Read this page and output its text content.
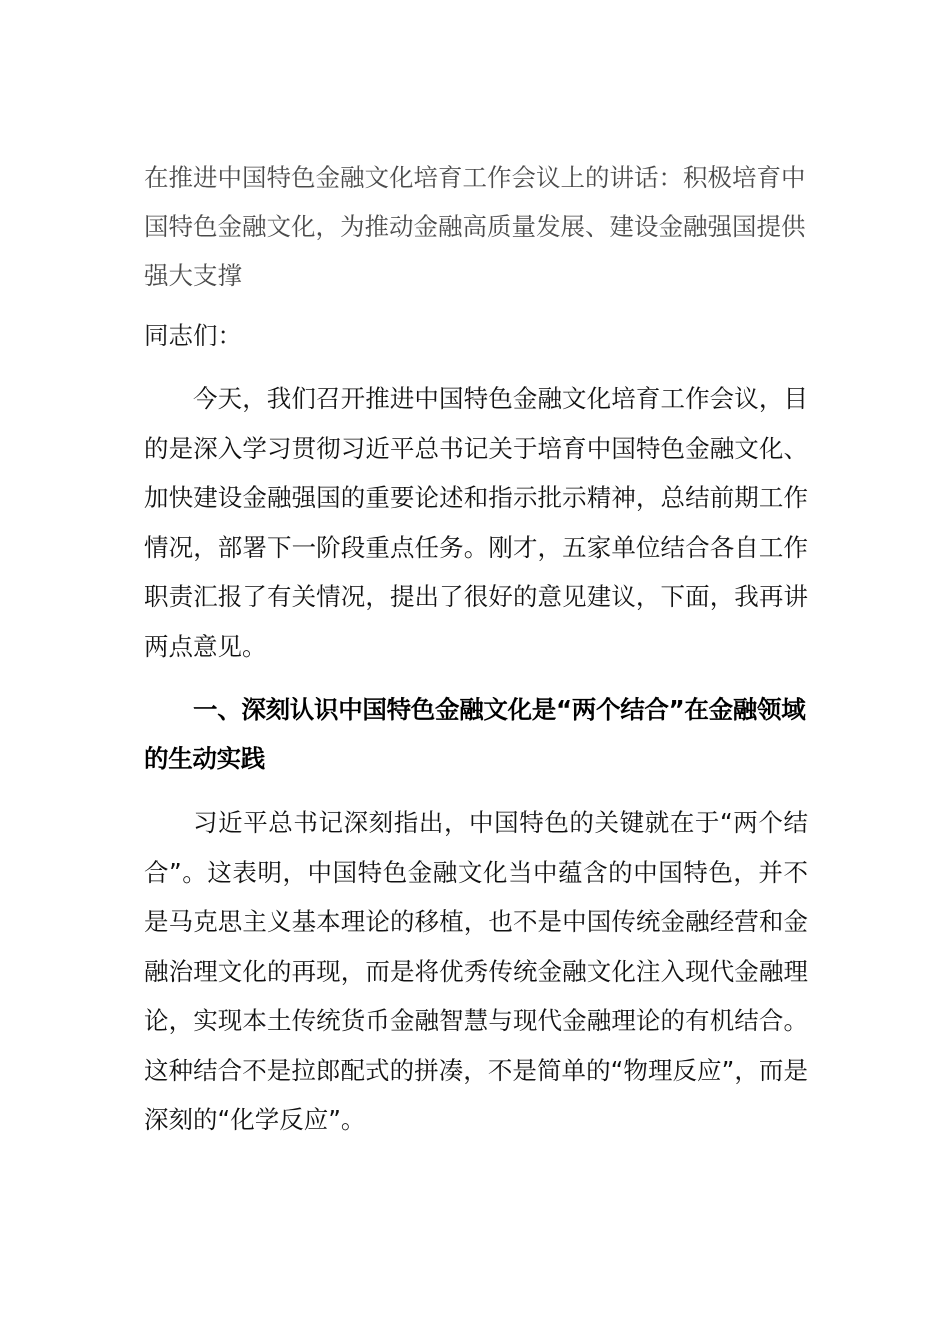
在推进中国特色金融文化培育工作会议上的讲话：积极培育中国特色金融文化，为推动金融高质量发展、建设金融强国提供强大支撑

同志们：

今天，我们召开推进中国特色金融文化培育工作会议，目的是深入学习贯彻习近平总书记关于培育中国特色金融文化、加快建设金融强国的重要论述和指示批示精神，总结前期工作情况，部署下一阶段重点任务。刚才，五家单位结合各自工作职责汇报了有关情况，提出了很好的意见建议，下面，我再讲两点意见。

一、深刻认识中国特色金融文化是“两个结合”在金融领域的生动实践

习近平总书记深刻指出，中国特色的关键就在于“两个结合”。这表明，中国特色金融文化当中蕴含的中国特色，并不是马克思主义基本理论的移植，也不是中国传统金融经营和金融治理文化的再现，而是将优秀传统金融文化注入现代金融理论，实现本土传统货币金融智慧与现代金融理论的有机结合。这种结合不是拉郎配式的拼凑，不是简单的“物理反应”，而是深刻的“化学反应”。
